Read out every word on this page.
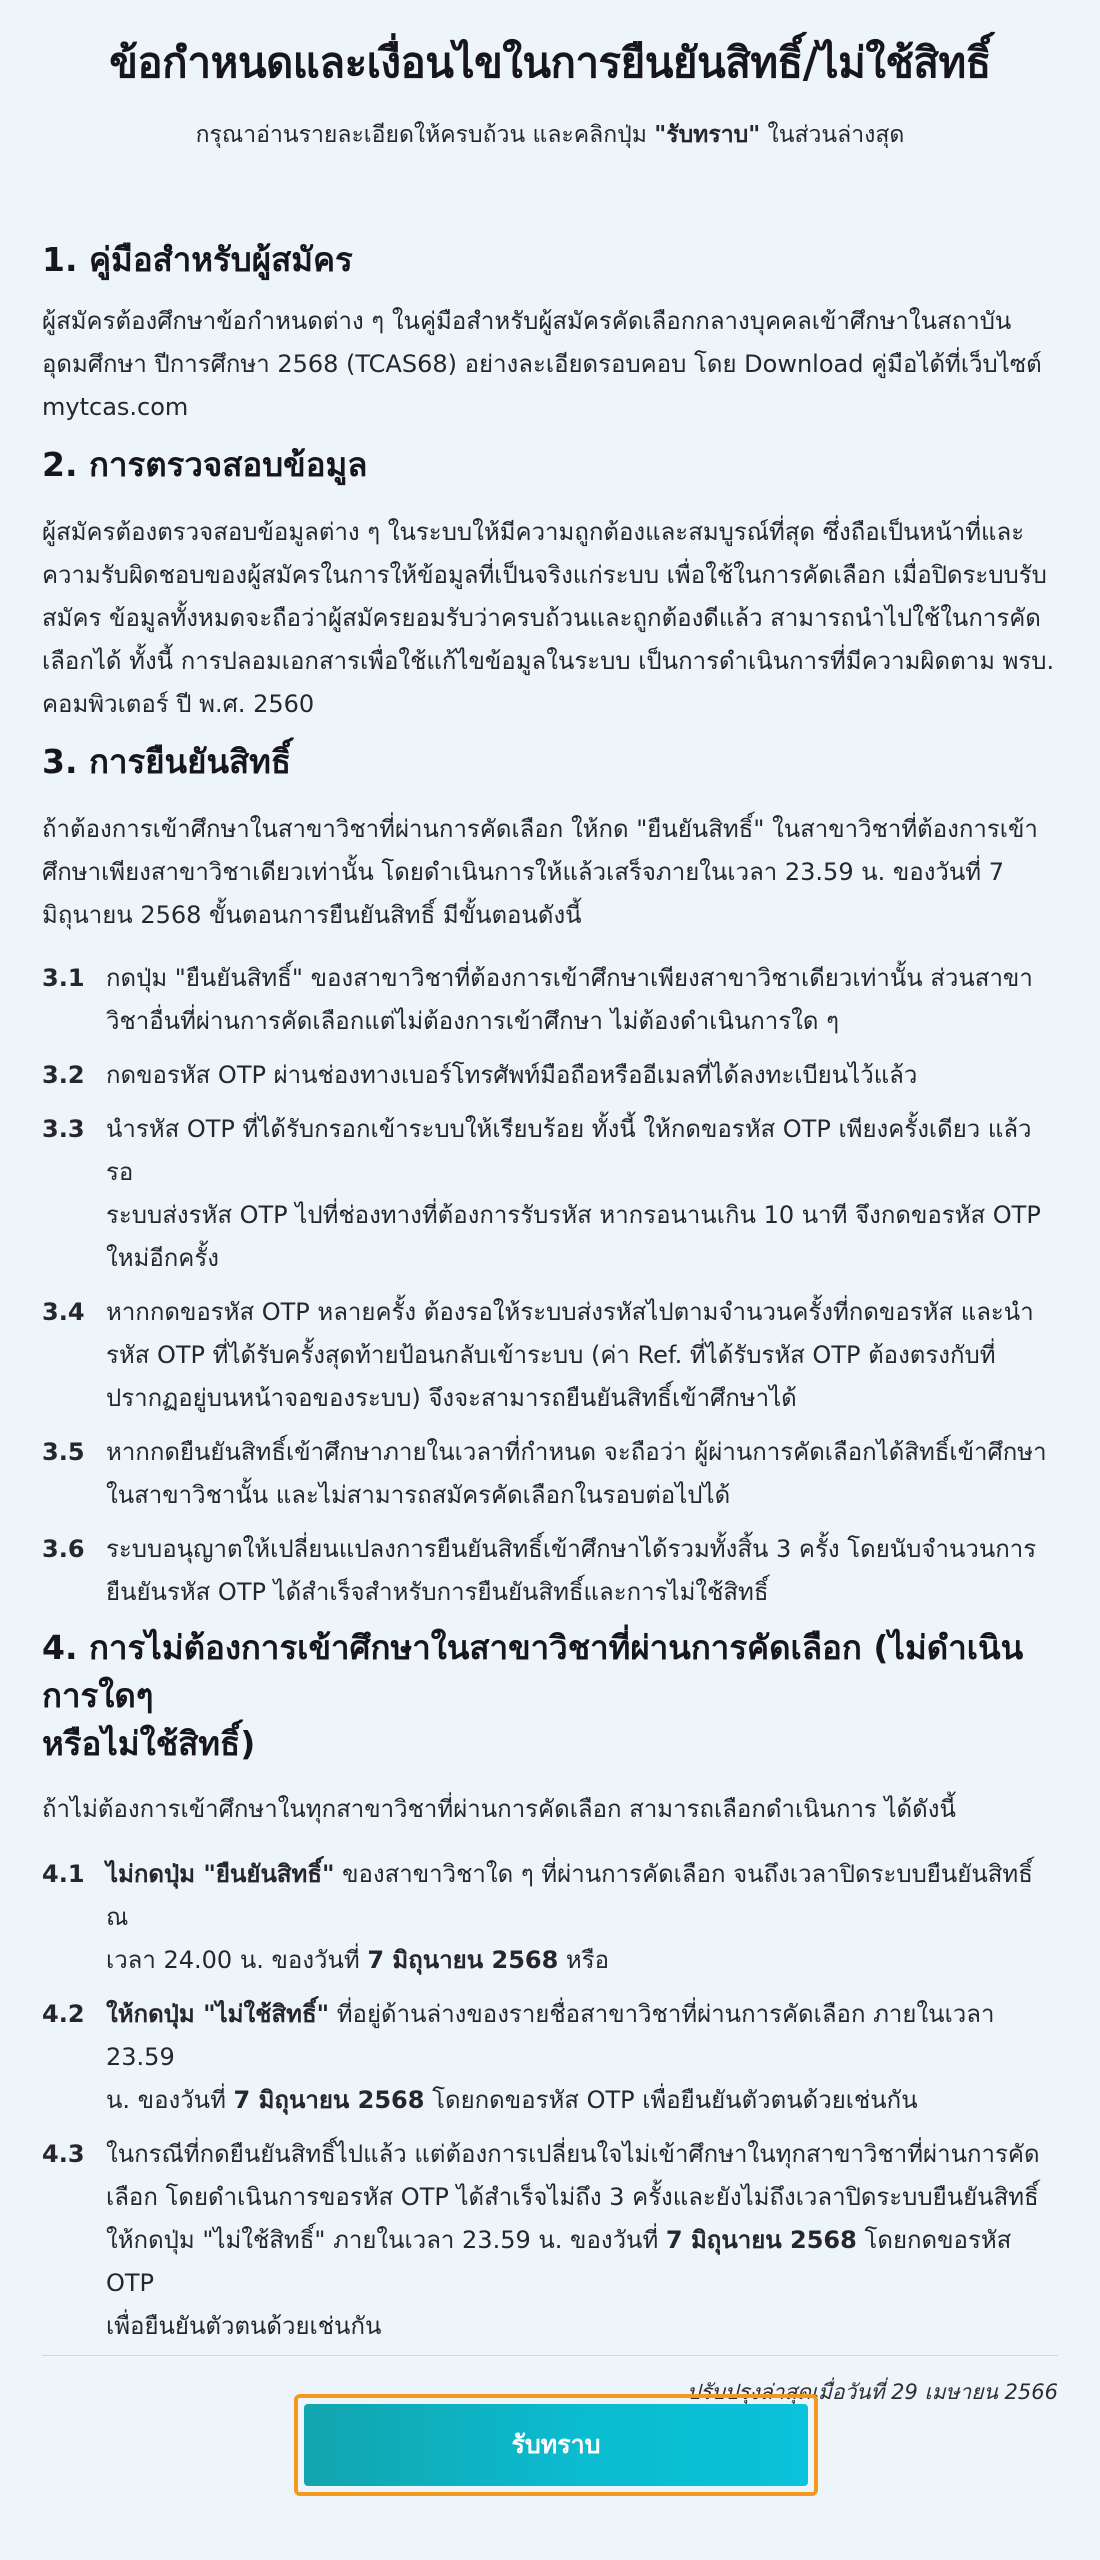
ข้อกำหนดและเงื่อนไขในการยืนยันสิทธิ์/ไม่ใช้สิทธิ์

กรุณาอ่านรายละเอียดให้ครบถ้วน และคลิกปุ่ม "รับทราบ" ในส่วนล่างสุด

1. คู่มือสำหรับผู้สมัคร

ผู้สมัครต้องศึกษาข้อกำหนดต่าง ๆ ในคู่มือสำหรับผู้สมัครคัดเลือกกลางบุคคลเข้าศึกษาในสถาบัน

อุดมศึกษา ปีการศึกษา 2568 (TCAS68) อย่างละเอียดรอบคอบ โดย Download คู่มือได้ที่เว็บไซต์

mytcas.com

2. การตรวจสอบข้อมูล

ผู้สมัครต้องตรวจสอบข้อมูลต่าง ๆ ในระบบให้มีความถูกต้องและสมบูรณ์ที่สุด ซึ่งถือเป็นหน้าที่และ

ความรับผิดชอบของผู้สมัครในการให้ข้อมูลที่เป็นจริงแก่ระบบ เพื่อใช้ในการคัดเลือก เมื่อปิดระบบรับ

สมัคร ข้อมูลทั้งหมดจะถือว่าผู้สมัครยอมรับว่าครบถ้วนและถูกต้องดีแล้ว สามารถนำไปใช้ในการคัด

เลือกได้ ทั้งนี้ การปลอมเอกสารเพื่อใช้แก้ไขข้อมูลในระบบ เป็นการดำเนินการที่มีความผิดตาม พรบ.

คอมพิวเตอร์ ปี พ.ศ. 2560

3. การยืนยันสิทธิ์

ถ้าต้องการเข้าศึกษาในสาขาวิชาที่ผ่านการคัดเลือก ให้กด "ยืนยันสิทธิ์" ในสาขาวิชาที่ต้องการเข้า

ศึกษาเพียงสาขาวิชาเดียวเท่านั้น โดยดำเนินการให้แล้วเสร็จภายในเวลา 23.59 น. ของวันที่ 7

มิถุนายน 2568 ขั้นตอนการยืนยันสิทธิ์ มีขั้นตอนดังนี้

3.1 กดปุ่ม "ยืนยันสิทธิ์" ของสาขาวิชาที่ต้องการเข้าศึกษาเพียงสาขาวิชาเดียวเท่านั้น ส่วนสาขา
วิชาอื่นที่ผ่านการคัดเลือกแต่ไม่ต้องการเข้าศึกษา ไม่ต้องดำเนินการใด ๆ
3.2 กดขอรหัส OTP ผ่านช่องทางเบอร์โทรศัพท์มือถือหรืออีเมลที่ได้ลงทะเบียนไว้แล้ว
3.3 นำรหัส OTP ที่ได้รับกรอกเข้าระบบให้เรียบร้อย ทั้งนี้ ให้กดขอรหัส OTP เพียงครั้งเดียว แล้วรอ
ระบบส่งรหัส OTP ไปที่ช่องทางที่ต้องการรับรหัส หากรอนานเกิน 10 นาที จึงกดขอรหัส OTP
ใหม่อีกครั้ง
3.4 หากกดขอรหัส OTP หลายครั้ง ต้องรอให้ระบบส่งรหัสไปตามจำนวนครั้งที่กดขอรหัส และนำ
รหัส OTP ที่ได้รับครั้งสุดท้ายป้อนกลับเข้าระบบ (ค่า Ref. ที่ได้รับรหัส OTP ต้องตรงกับที่
ปรากฏอยู่บนหน้าจอของระบบ) จึงจะสามารถยืนยันสิทธิ์เข้าศึกษาได้
3.5 หากกดยืนยันสิทธิ์เข้าศึกษาภายในเวลาที่กำหนด จะถือว่า ผู้ผ่านการคัดเลือกได้สิทธิ์เข้าศึกษา
ในสาขาวิชานั้น และไม่สามารถสมัครคัดเลือกในรอบต่อไปได้
3.6 ระบบอนุญาตให้เปลี่ยนแปลงการยืนยันสิทธิ์เข้าศึกษาได้รวมทั้งสิ้น 3 ครั้ง โดยนับจำนวนการ
ยืนยันรหัส OTP ได้สำเร็จสำหรับการยืนยันสิทธิ์และการไม่ใช้สิทธิ์
4. การไม่ต้องการเข้าศึกษาในสาขาวิชาที่ผ่านการคัดเลือก (ไม่ดำเนินการใดๆ
หรือไม่ใช้สิทธิ์)

ถ้าไม่ต้องการเข้าศึกษาในทุกสาขาวิชาที่ผ่านการคัดเลือก สามารถเลือกดำเนินการ ได้ดังนี้

4.1 ไม่กดปุ่ม "ยืนยันสิทธิ์" ของสาขาวิชาใด ๆ ที่ผ่านการคัดเลือก จนถึงเวลาปิดระบบยืนยันสิทธิ์ ณ
เวลา 24.00 น. ของวันที่ 7 มิถุนายน 2568 หรือ
4.2 ให้กดปุ่ม "ไม่ใช้สิทธิ์" ที่อยู่ด้านล่างของรายชื่อสาขาวิชาที่ผ่านการคัดเลือก ภายในเวลา 23.59
น. ของวันที่ 7 มิถุนายน 2568 โดยกดขอรหัส OTP เพื่อยืนยันตัวตนด้วยเช่นกัน
4.3 ในกรณีที่กดยืนยันสิทธิ์ไปแล้ว แต่ต้องการเปลี่ยนใจไม่เข้าศึกษาในทุกสาขาวิชาที่ผ่านการคัด
เลือก โดยดำเนินการขอรหัส OTP ได้สำเร็จไม่ถึง 3 ครั้งและยังไม่ถึงเวลาปิดระบบยืนยันสิทธิ์
ให้กดปุ่ม "ไม่ใช้สิทธิ์" ภายในเวลา 23.59 น. ของวันที่ 7 มิถุนายน 2568 โดยกดขอรหัส OTP
เพื่อยืนยันตัวตนด้วยเช่นกัน
ปรับปรุงล่าสุดเมื่อวันที่ 29 เมษายน 2566
รับทราบ
